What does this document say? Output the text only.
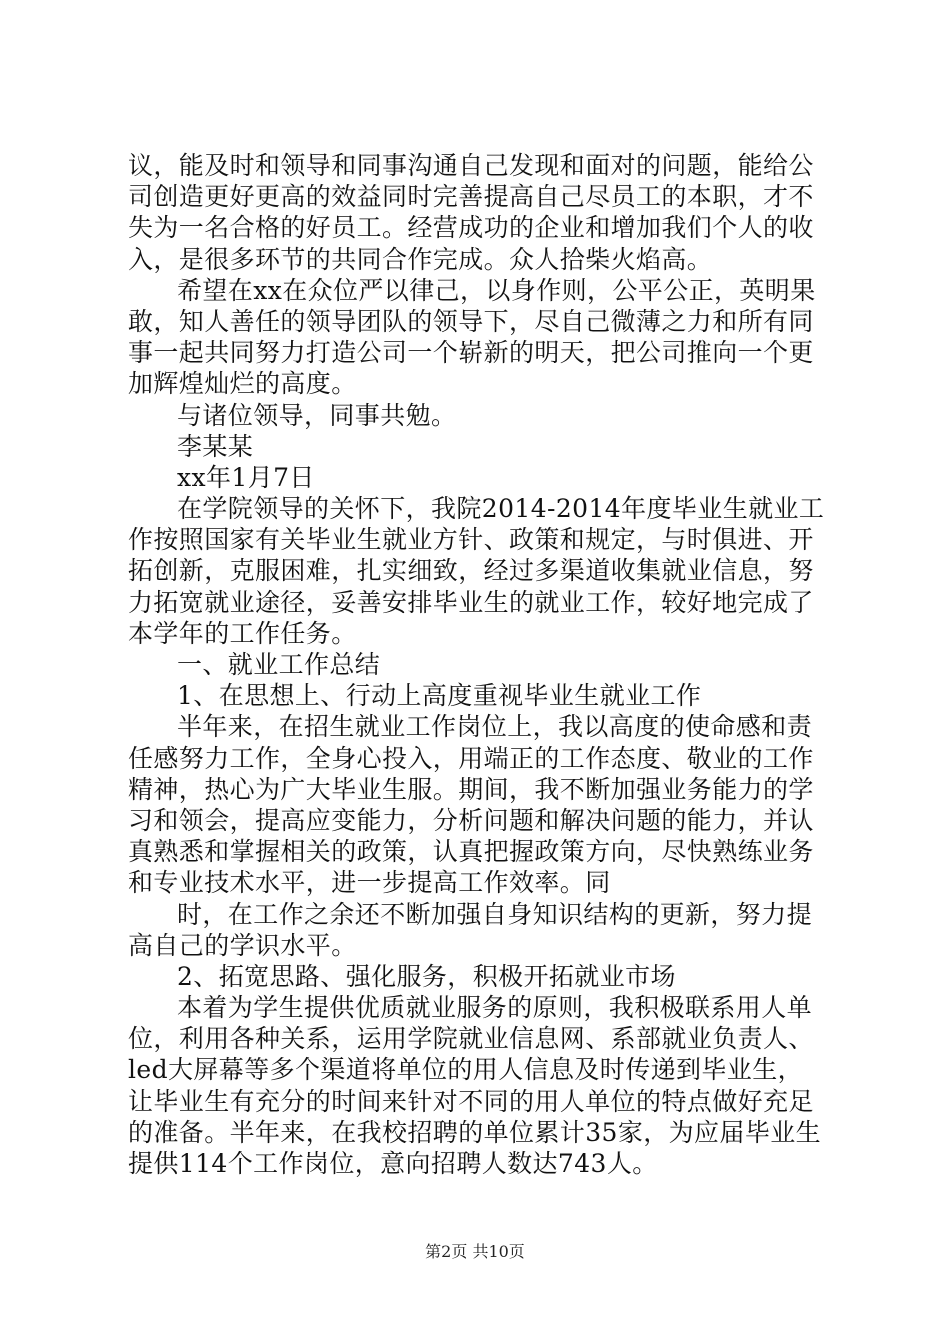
议，能及时和领导和同事沟通自己发现和面对的问题，能给公
司创造更好更高的效益同时完善提高自己尽员工的本职，才不
失为一名合格的好员工。经营成功的企业和增加我们个人的收
入，是很多环节的共同合作完成。众人拾柴火焰高。
希望在xx在众位严以律己，以身作则，公平公正，英明果
敢，知人善任的领导团队的领导下，尽自己微薄之力和所有同
事一起共同努力打造公司一个崭新的明天，把公司推向一个更
加辉煌灿烂的高度。
与诸位领导，同事共勉。
李某某
xx年1月7日
在学院领导的关怀下，我院2014-2014年度毕业生就业工
作按照国家有关毕业生就业方针、政策和规定，与时俱进、开
拓创新，克服困难，扎实细致，经过多渠道收集就业信息，努
力拓宽就业途径，妥善安排毕业生的就业工作，较好地完成了
本学年的工作任务。
一、就业工作总结
1、在思想上、行动上高度重视毕业生就业工作
半年来，在招生就业工作岗位上，我以高度的使命感和责
任感努力工作，全身心投入，用端正的工作态度、敬业的工作
精神，热心为广大毕业生服。期间，我不断加强业务能力的学
习和领会，提高应变能力，分析问题和解决问题的能力，并认
真熟悉和掌握相关的政策，认真把握政策方向，尽快熟练业务
和专业技术水平，进一步提高工作效率。同
时，在工作之余还不断加强自身知识结构的更新，努力提
高自己的学识水平。
2、拓宽思路、强化服务，积极开拓就业市场
本着为学生提供优质就业服务的原则，我积极联系用人单
位，利用各种关系，运用学院就业信息网、系部就业负责人、
led大屏幕等多个渠道将单位的用人信息及时传递到毕业生，
让毕业生有充分的时间来针对不同的用人单位的特点做好充足
的准备。半年来，在我校招聘的单位累计35家，为应届毕业生
提供114个工作岗位，意向招聘人数达743人。
第2页 共10页
